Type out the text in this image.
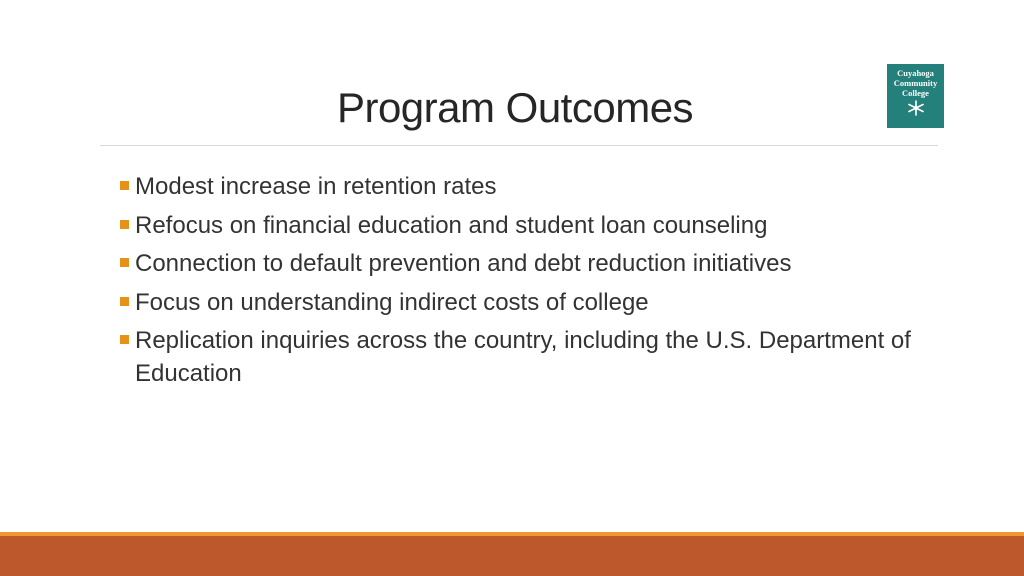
Program Outcomes
Cuyahoga
Community
College
Modest increase in retention rates
Refocus on financial education and student loan counseling
Connection to default prevention and debt reduction initiatives
Focus on understanding indirect costs of college
Replication inquiries across the country, including the U.S. Department of Education
